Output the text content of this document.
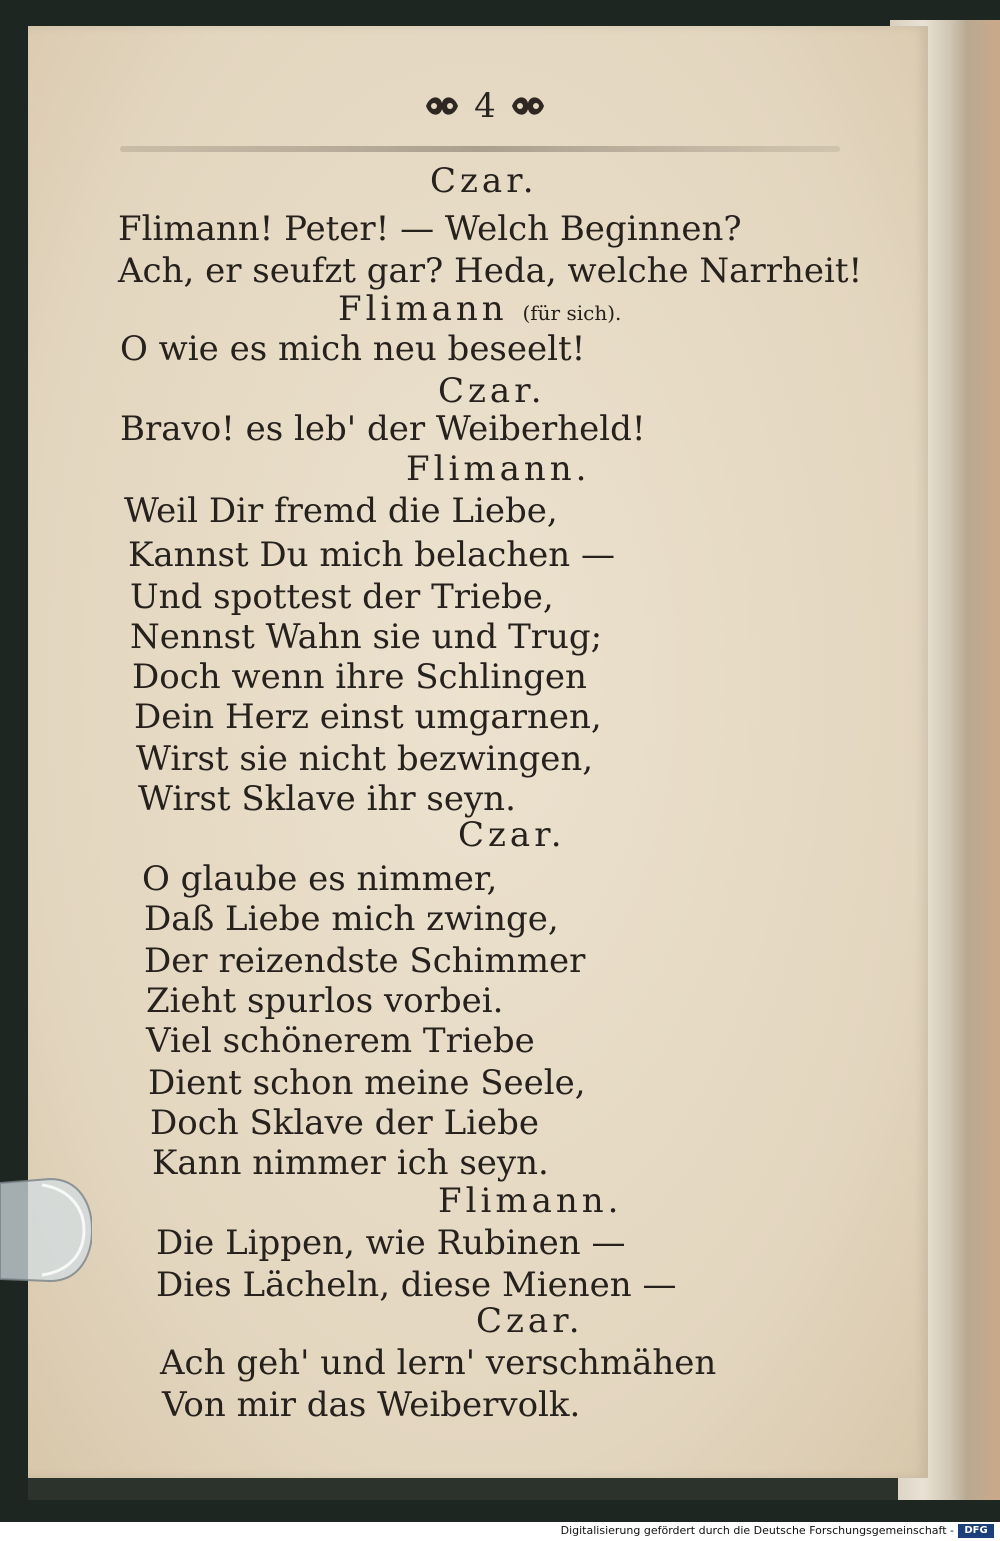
4
Czar.
Flimann! Peter! — Welch Beginnen?
Ach, er seufzt gar? Heda, welche Narrheit!
Flimann (für sich).
O wie es mich neu beseelt!
Czar.
Bravo! es leb' der Weiberheld!
Flimann.
Weil Dir fremd die Liebe,
Kannst Du mich belachen —
Und spottest der Triebe,
Nennst Wahn sie und Trug;
Doch wenn ihre Schlingen
Dein Herz einst umgarnen,
Wirst sie nicht bezwingen,
Wirst Sklave ihr seyn.
Czar.
O glaube es nimmer,
Daß Liebe mich zwinge,
Der reizendste Schimmer
Zieht spurlos vorbei.
Viel schönerem Triebe
Dient schon meine Seele,
Doch Sklave der Liebe
Kann nimmer ich seyn.
Flimann.
Die Lippen, wie Rubinen —
Dies Lächeln, diese Mienen —
Czar.
Ach geh' und lern' verschmähen
Von mir das Weibervolk.
Digitalisierung gefördert durch die Deutsche Forschungsgemeinschaft -	DFG
